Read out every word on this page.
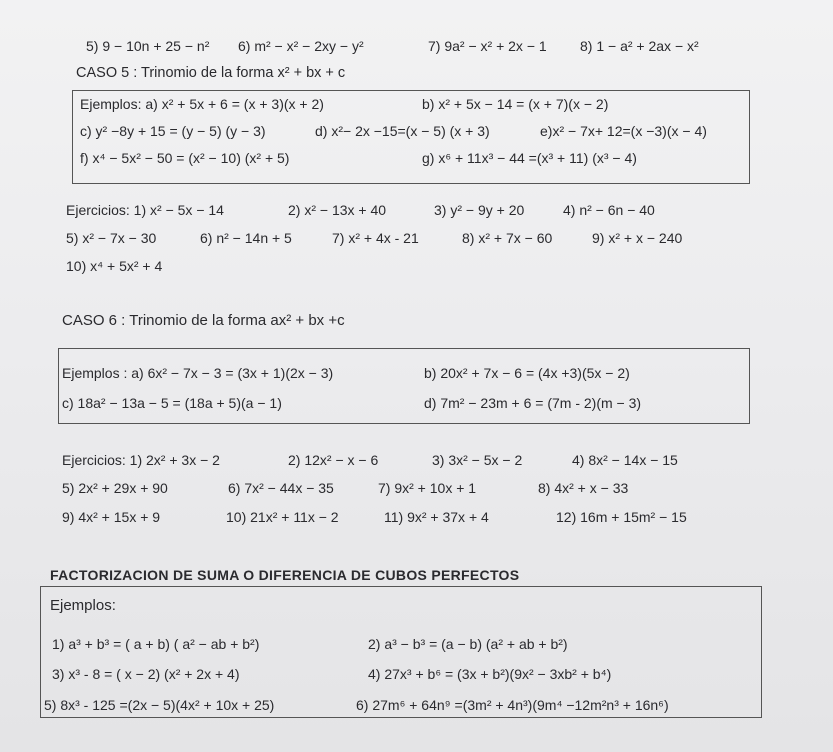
5) 9 − 10n + 25 − n² 6) m² − x² − 2xy − y²	7) 9a² − x² + 2x − 1 8) 1 − a² + 2ax − x²
CASO 5 : Trinomio de la forma x² + bx + c
Ejemplos: a) x² + 5x + 6 = (x + 3)(x + 2)	b) x² + 5x − 14 = (x + 7)(x − 2)
c) y² −8y + 15 = (y − 5) (y − 3)	d) x²− 2x −15=(x − 5) (x + 3)	e)x² − 7x+ 12=(x −3)(x − 4)
f) x⁴ − 5x² − 50 = (x² − 10) (x² + 5)	g) x⁶ + 11x³ − 44 =(x³ + 11) (x³ − 4)
Ejercicios: 1) x² − 5x − 14	2) x² − 13x + 40	3) y² − 9y + 20	4) n² − 6n − 40
5) x² − 7x − 30	6) n² − 14n + 5	7) x² + 4x - 21	8) x² + 7x − 60	9) x² + x − 240
10) x⁴ + 5x² + 4
CASO 6 : Trinomio de la forma ax² + bx +c
Ejemplos : a) 6x² − 7x − 3 = (3x + 1)(2x − 3)	b) 20x² + 7x − 6 = (4x +3)(5x − 2)
c) 18a² − 13a − 5 = (18a + 5)(a − 1)	d) 7m² − 23m + 6 = (7m - 2)(m − 3)
Ejercicios: 1) 2x² + 3x − 2	2) 12x² − x − 6	3) 3x² − 5x − 2	4) 8x² − 14x − 15
5) 2x² + 29x + 90	6) 7x² − 44x − 35	7) 9x² + 10x + 1	8) 4x² + x − 33
9) 4x² + 15x + 9	10) 21x² + 11x − 2	11) 9x² + 37x + 4	12) 16m + 15m² − 15
FACTORIZACION DE SUMA O DIFERENCIA DE CUBOS PERFECTOS
Ejemplos:
1) a³ + b³ = ( a + b) ( a² − ab + b²)	2) a³ − b³ = (a − b) (a² + ab + b²)
3) x³ - 8 = ( x − 2) (x² + 2x + 4)	4) 27x³ + b⁶ = (3x + b²)(9x² − 3xb² + b⁴)
5) 8x³ - 125 =(2x − 5)(4x² + 10x + 25)	6) 27m⁶ + 64n⁹ =(3m² + 4n³)(9m⁴ −12m²n³ + 16n⁶)
